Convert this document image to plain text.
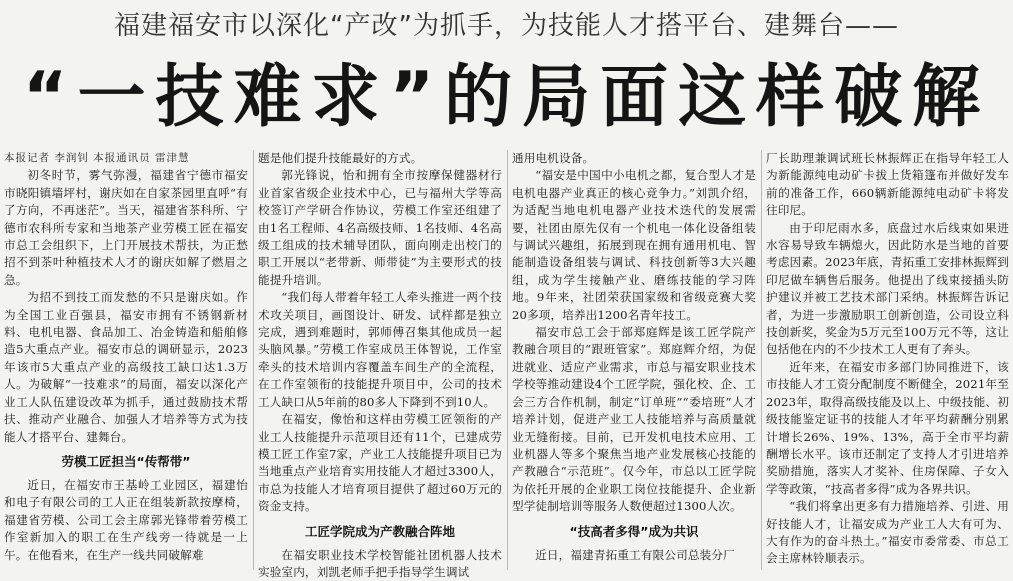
福建福安市以深化“产改”为抓手，为技能人才搭平台、建舞台——
“一技难求”的局面这样破解
本报记者 李润钊 本报通讯员 雷津慧

初冬时节，雾气弥漫，福建省宁德市福安市晓阳镇墙坪村，谢庆如在自家茶园里直呼“有了方向，不再迷茫”。当天，福建省茶科所、宁德市农科所专家和当地茶产业劳模工匠在福安市总工会组织下，上门开展技术帮扶，为正愁招不到茶叶种植技术人才的谢庆如解了燃眉之急。

为招不到技工而发愁的不只是谢庆如。作为全国工业百强县，福安市拥有不锈钢新材料、电机电器、食品加工、冶金铸造和船舶修造5大重点产业。福安市总的调研显示，2023年该市5大重点产业的高级技工缺口达1.3万人。为破解“一技难求”的局面，福安以深化产业工人队伍建设改革为抓手，通过鼓励技术帮扶、推动产业融合、加强人才培养等方式为技能人才搭平台、建舞台。

劳模工匠担当“传帮带”

近日，在福安市王基岭工业园区，福建怡和电子有限公司的工人正在组装新款按摩椅，福建省劳模、公司工会主席郭光锋带着劳模工作室新加入的职工在生产线旁一待就是一上午。在他看来，在生产一线共同破解难

题是他们提升技能最好的方式。

郭光锋说，怡和拥有全市按摩保健器材行业首家省级企业技术中心，已与福州大学等高校签订产学研合作协议，劳模工作室还组建了由1名工程师、4名高级技师、1名技师、4名高级工组成的技术辅导团队，面向刚走出校门的职工开展以“老带新、师带徒”为主要形式的技能提升培训。

“我们每人带着年轻工人牵头推进一两个技术攻关项目，画图设计、研发、试样都是独立完成，遇到难题时，郭师傅召集其他成员一起头脑风暴。”劳模工作室成员王体智说，工作室牵头的技术培训内容覆盖车间生产的全流程，在工作室领衔的技能提升项目中，公司的技术工人缺口从5年前的80多人下降到不到10人。

在福安，像怡和这样由劳模工匠领衔的产业工人技能提升示范项目还有11个，已建成劳模工匠工作室7家，产业工人技能提升项目已为当地重点产业培育实用技能人才超过3300人，市总为技能人才培育项目提供了超过60万元的资金支持。

工匠学院成为产教融合阵地

在福安职业技术学校智能社团机器人技术实验室内，刘凯老师手把手指导学生调试

通用电机设备。

“福安是中国中小电机之都，复合型人才是电机电器产业真正的核心竞争力。”刘凯介绍，为适配当地电机电器产业技术迭代的发展需要，社团由原先仅有一个机电一体化设备组装与调试兴趣组，拓展到现在拥有通用机电、智能制造设备组装与调试、科技创新等3大兴趣组，成为学生接触产业、磨练技能的学习阵地。9年来，社团荣获国家级和省级竞赛大奖20多项，培养出1200名青年技工。

福安市总工会于部郑庭辉是该工匠学院产教融合项目的“跟班管家”。郑庭辉介绍，为促进就业、适应产业需求，市总与福安职业技术学校等推动建设4个工匠学院，强化校、企、工会三方合作机制，制定“订单班”“委培班”人才培养计划，促进产业工人技能培养与高质量就业无缝衔接。目前，已开发机电技术应用、工业机器人等多个聚焦当地产业发展核心技能的产教融合“示范班”。仅今年，市总以工匠学院为依托开展的企业职工岗位技能提升、企业新型学徒制培训等服务人数便超过1300人次。

“技高者多得”成为共识

近日，福建青拓重工有限公司总装分厂

厂长助理兼调试班长林振辉正在指导年轻工人为新能源纯电动矿卡拔上货箱篷布并做好发车前的准备工作，660辆新能源纯电动矿卡将发往印尼。

由于印尼雨水多，底盘过水后线束如果进水容易导致车辆熄火，因此防水是当地的首要考虑因素。2023年底，青拓重工安排林振辉到印尼做车辆售后服务。他提出了线束接插头防护建议并被工艺技术部门采纳。林振辉告诉记者，为进一步激励职工创新创造，公司设立科技创新奖，奖金为5万元至100万元不等，这让包括他在内的不少技术工人更有了奔头。

近年来，在福安市多部门协同推进下，该市技能人才工资分配制度不断健全，2021年至2023年，取得高级技能及以上、中级技能、初级技能鉴定证书的技能人才年平均薪酬分别累计增长26%、19%、13%，高于全市平均薪酬增长水平。该市还制定了支持人才引进培养奖励措施，落实人才奖补、住房保障、子女入学等政策，“技高者多得”成为各界共识。

“我们将拿出更多有力措施培养、引进、用好技能人才，让福安成为产业工人大有可为、大有作为的奋斗热土。”福安市委常委、市总工会主席林铃顺表示。
